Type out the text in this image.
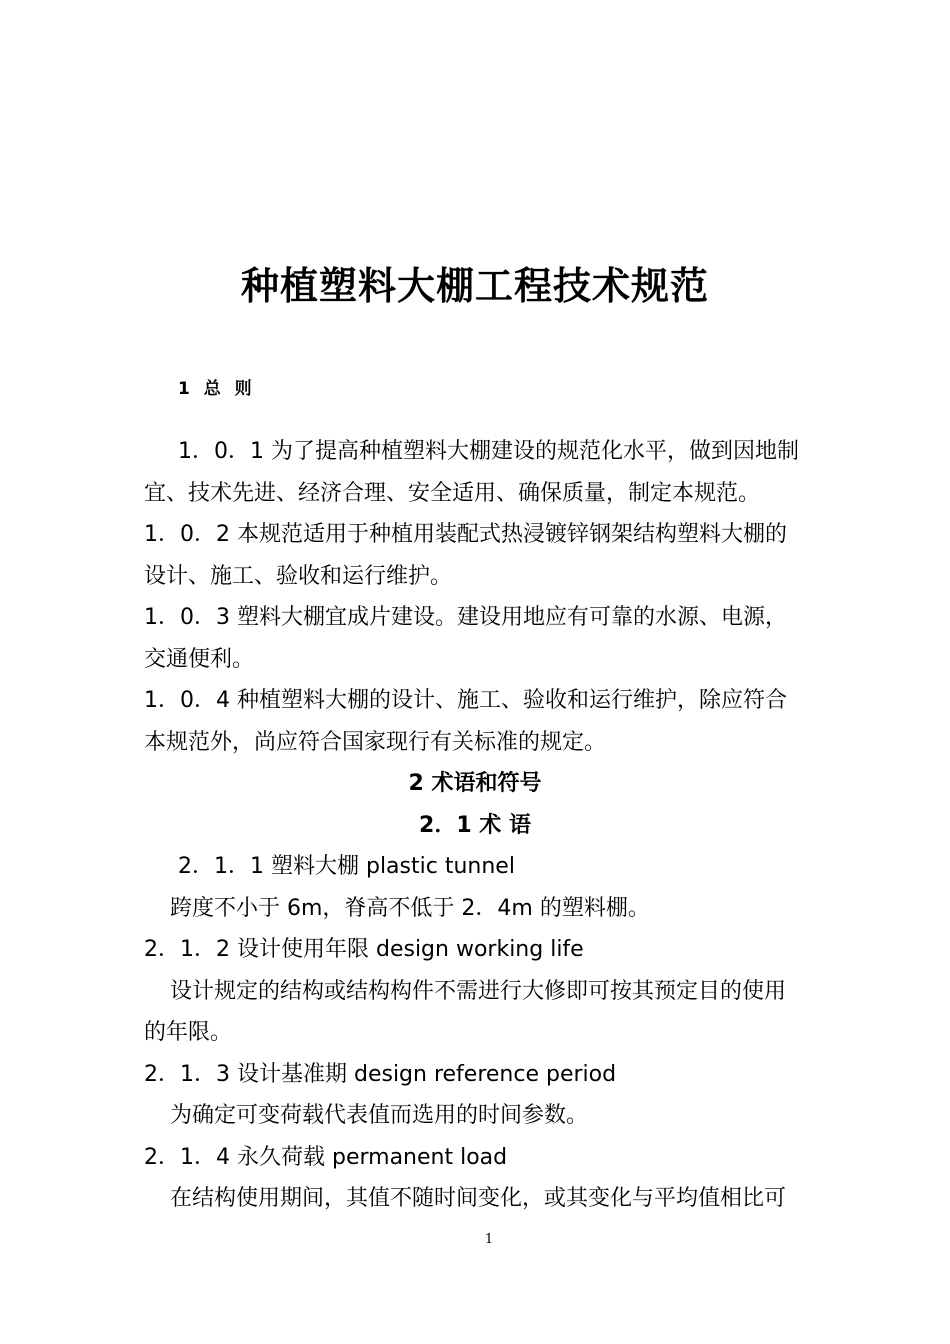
种植塑料大棚工程技术规范
1 总 则
1．0．1 为了提高种植塑料大棚建设的规范化水平，做到因地制
宜、技术先进、经济合理、安全适用、确保质量，制定本规范。
1．0．2 本规范适用于种植用装配式热浸镀锌钢架结构塑料大棚的
设计、施工、验收和运行维护。
1．0．3 塑料大棚宜成片建设。建设用地应有可靠的水源、电源，
交通便利。
1．0．4 种植塑料大棚的设计、施工、验收和运行维护，除应符合
本规范外，尚应符合国家现行有关标准的规定。
2 术语和符号
2．1 术 语
2．1．1 塑料大棚 plastic tunnel
跨度不小于 6m，脊高不低于 2．4m 的塑料棚。
2．1．2 设计使用年限 design working life
设计规定的结构或结构构件不需进行大修即可按其预定目的使用
的年限。
2．1．3 设计基准期 design reference period
为确定可变荷载代表值而选用的时间参数。
2．1．4 永久荷载 permanent load
在结构使用期间，其值不随时间变化，或其变化与平均值相比可
1
